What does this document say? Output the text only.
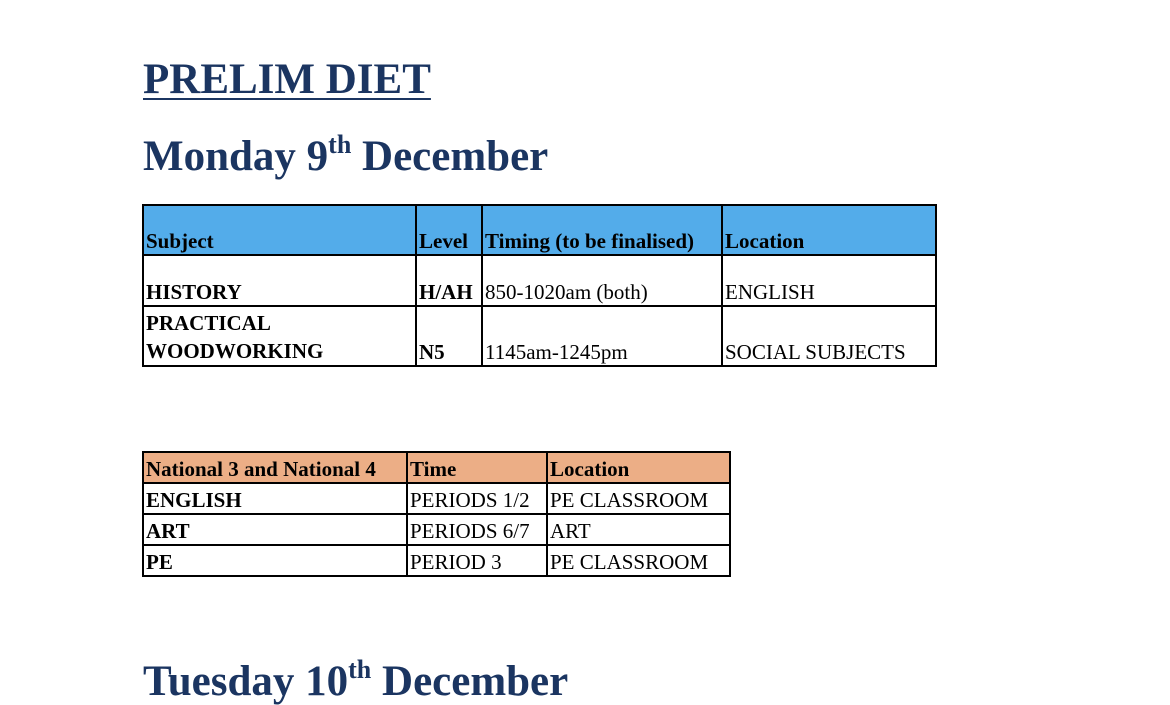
PRELIM DIET
Monday 9th December
Subject	Level	Timing (to be finalised)	Location
HISTORY	H/AH	850-1020am (both)	ENGLISH
PRACTICAL WOODWORKING	N5	1145am-1245pm	SOCIAL SUBJECTS
National 3 and National 4	Time	Location
ENGLISH	PERIODS 1/2	PE CLASSROOM
ART	PERIODS 6/7	ART
PE	PERIOD 3	PE CLASSROOM
Tuesday 10th December
